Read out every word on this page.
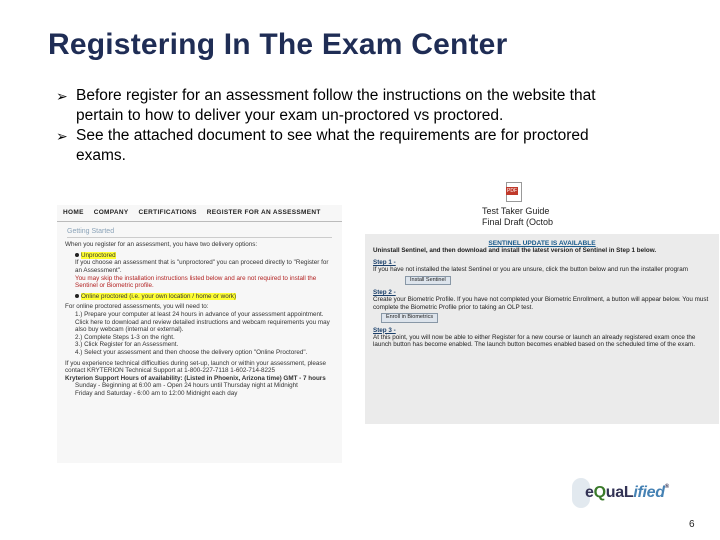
Registering In The Exam Center
➢ Before register for an assessment follow the instructions on the website that pertain to how to deliver your exam un-proctored vs proctored.
➢ See the attached document to see what the requirements are for proctored exams.
PDF
Test Taker Guide
Final Draft (Octob
HOME COMPANY CERTIFICATIONS REGISTER FOR AN ASSESSMENT
Getting Started
When you register for an assessment, you have two delivery options:
Unproctored
If you choose an assessment that is "unproctored" you can proceed directly to "Register for an Assessment".
You may skip the installation instructions listed below and are not required to install the Sentinel or Biometric profile.
Online proctored (i.e. your own location / home or work)
For online proctored assessments, you will need to:
1.) Prepare your computer at least 24 hours in advance of your assessment appointment. Click here to download and review detailed instructions and webcam requirements you may also buy webcam (internal or external).
2.) Complete Steps 1-3 on the right.
3.) Click Register for an Assessment.
4.) Select your assessment and then choose the delivery option "Online Proctored".
If you experience technical difficulties during set-up, launch or within your assessment, please contact KRYTERION Technical Support at 1-800-227-7118 1-602-714-8225
Kryterion Support Hours of availability: (Listed in Phoenix, Arizona time) GMT - 7 hours
Sunday - Beginning at 6:00 am - Open 24 hours until Thursday night at Midnight
Friday and Saturday - 6:00 am to 12:00 Midnight each day
SENTINEL UPDATE IS AVAILABLE
Uninstall Sentinel, and then download and install the latest version of Sentinel in Step 1 below.
Step 1 -
If you have not installed the latest Sentinel or you are unsure, click the button below and run the installer program
Install Sentinel
Step 2 -
Create your Biometric Profile. If you have not completed your Biometric Enrollment, a button will appear below. You must complete the Biometric Profile prior to taking an OLP test.
Enroll in Biometrics
Step 3 -
At this point, you will now be able to either Register for a new course or launch an already registered exam once the launch button has become enabled. The launch button becomes enabled based on the scheduled time of the exam.
eQuaLified®
6
